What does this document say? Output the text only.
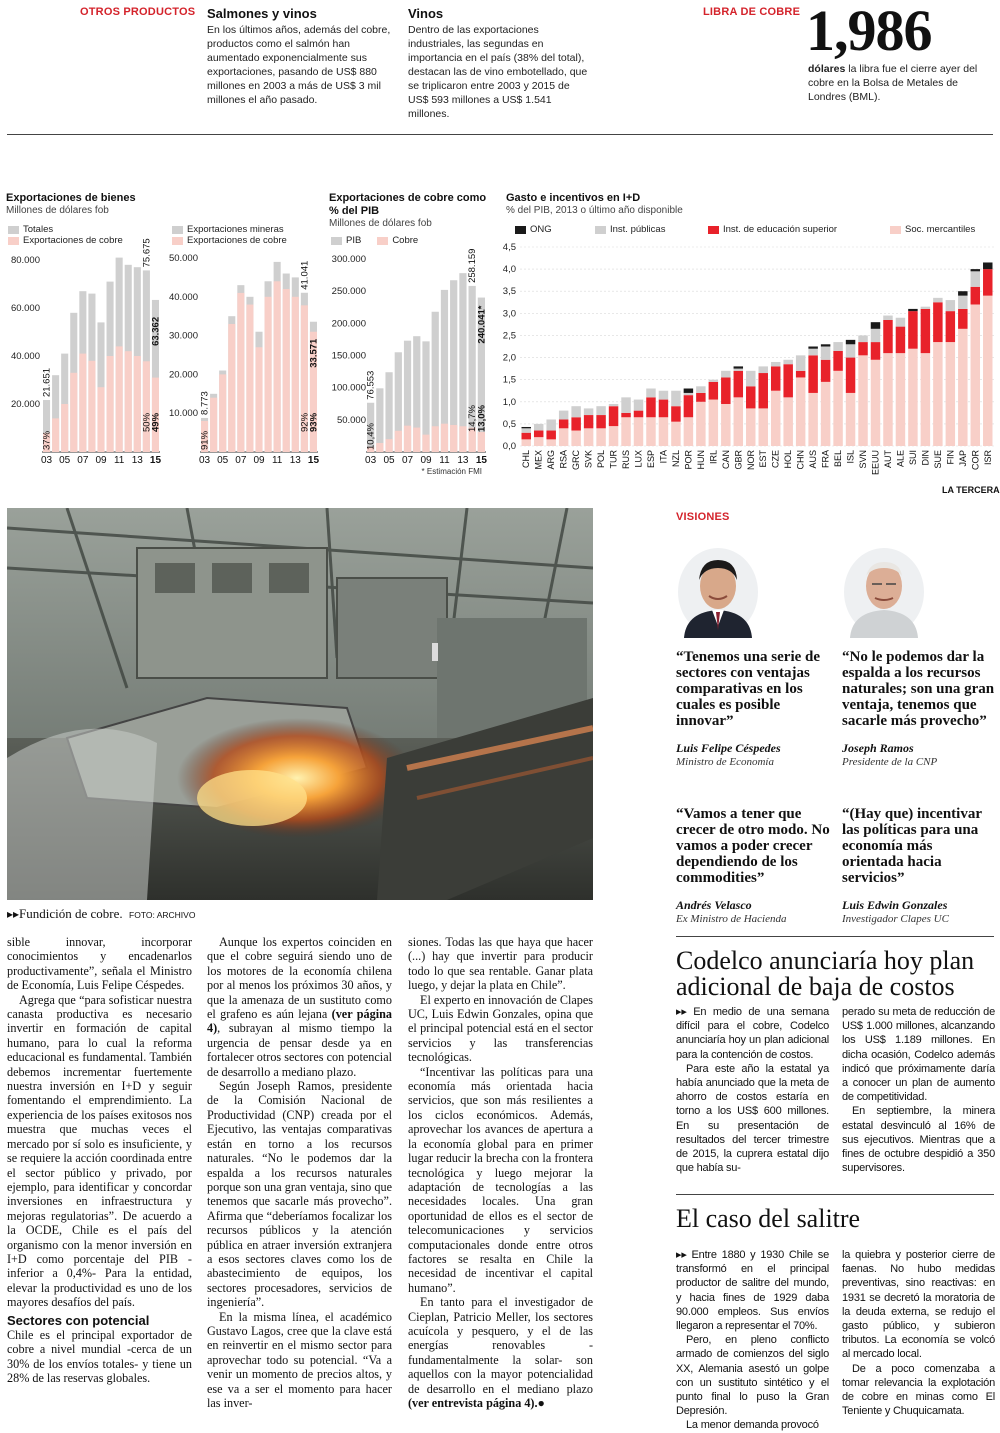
OTROS PRODUCTOS Salmones y vinos

En los últimos años, además del cobre, productos como el salmón han aumentado exponencialmente sus exportaciones, pasando de US$ 880 millones en 2003 a más de US$ 3 mil millones el año pasado.

Vinos

Dentro de las exportaciones industriales, las segundas en importancia en el país (38% del total), destacan las de vino embotellado, que se triplicaron entre 2003 y 2015 de US$ 593 millones a US$ 1.541 millones.

LIBRA DE COBRE 1,986
dólares la libra fue el cierre ayer del cobre en la Bolsa de Metales de Londres (BML).
Exportaciones de bienes
Millones de dólares fob
Totales
Exportaciones de cobre
Exportaciones mineras
Exportaciones de cobre
Exportaciones de cobre como % del PIB
Millones de dólares fob
PIB	Cobre
Gasto e incentivos en I+D
% del PIB, 2013 o último año disponible
ONG	Inst. públicas	Inst. de educación superior	Soc. mercantiles
20.000
40.000
60.000
80.000
03 05 07 09 11 13 15
21.651
37%
75.675
63.362
50%
49% 10.000
20.000
30.000
40.000
50.000
03 05 07 09 11 13 15
8.773
91%
41.041
33.571
92%
93% 50.000
100.000
150.000
200.000
250.000
300.000
03 05 07 09 11 13 15
76.553
10,4%
258.159
240.041*
14,7%
13,0%
* Estimación FMI
0,0
0,5
1,0
1,5
2,0
2,5
3,0
3,5
4,0
4,5
CHL MEX ARG RSA GRC SVK POL TUR RUS LUX ESP ITA NZL POR HUN IRL CAN GBR NOR EST CZE HOL CHN AUS FRA BEL ISL SVN EEUU AUT ALE SUI DIN SUE FIN JAP COR ISR
LA TERCERA
▸▸Fundición de cobre. FOTO: ARCHIVO

sible innovar, incorporar conocimientos y encadenarlos productivamente”, señala el Ministro de Economía, Luis Felipe Céspedes.

Agrega que “para sofisticar nuestra canasta productiva es necesario invertir en formación de capital humano, para lo cual la reforma educacional es fundamental. También debemos incrementar fuertemente nuestra inversión en I+D y seguir fomentando el emprendimiento. La experiencia de los países exitosos nos muestra que muchas veces el mercado por sí solo es insuficiente, y se requiere la acción coordinada entre el sector público y privado, por ejemplo, para identificar y concordar inversiones en infraestructura y mejoras regulatorias”. De acuerdo a la OCDE, Chile es el país del organismo con la menor inversión en I+D como porcentaje del PIB -inferior a 0,4%- Para la entidad, elevar la productividad es uno de los mayores desafíos del país.

Sectores con potencial

Chile es el principal exportador de cobre a nivel mundial -cerca de un 30% de los envíos totales- y tiene un 28% de las reservas globales.

Aunque los expertos coinciden en que el cobre seguirá siendo uno de los motores de la economía chilena por al menos los próximos 30 años, y que la amenaza de un sustituto como el grafeno es aún lejana (ver página 4), subrayan al mismo tiempo la urgencia de pensar desde ya en fortalecer otros sectores con potencial de desarrollo a mediano plazo.

Según Joseph Ramos, presidente de la Comisión Nacional de Productividad (CNP) creada por el Ejecutivo, las ventajas comparativas están en torno a los recursos naturales. “No le podemos dar la espalda a los recursos naturales porque son una gran ventaja, sino que tenemos que sacarle más provecho”. Afirma que “deberíamos focalizar los recursos públicos y la atención pública en atraer inversión extranjera a esos sectores claves como los de abastecimiento de equipos, los sectores procesadores, servicios de ingeniería”.

En la misma línea, el académico Gustavo Lagos, cree que la clave está en reinvertir en el mismo sector para aprovechar todo su potencial. “Va a venir un momento de precios altos, y ese va a ser el momento para hacer las inver-

siones. Todas las que haya que hacer (...) hay que invertir para producir todo lo que sea rentable. Ganar plata luego, y dejar la plata en Chile”.

El experto en innovación de Clapes UC, Luis Edwin Gonzales, opina que el principal potencial está en el sector servicios y las transferencias tecnológicas.

“Incentivar las políticas para una economía más orientada hacia servicios, que son más resilientes a los ciclos económicos. Además, aprovechar los avances de apertura a la economía global para en primer lugar reducir la brecha con la frontera tecnológica y luego mejorar la adaptación de tecnologías a las necesidades locales. Una gran oportunidad de ellos es el sector de telecomunicaciones y servicios computacionales donde entre otros factores se resalta en Chile la necesidad de incentivar el capital humano”.

En tanto para el investigador de Cieplan, Patricio Meller, los sectores acuícola y pesquero, y el de las energías renovables -fundamentalmente la solar- son aquellos con la mayor potencialidad de desarrollo en el mediano plazo (ver entrevista página 4).●

VISIONES
“Tenemos una serie de sectores con ventajas comparativas en los cuales es posible innovar”
Luis Felipe Céspedes
Ministro de Economía
“No le podemos dar la espalda a los recursos naturales; son una gran ventaja, tenemos que sacarle más provecho”
Joseph Ramos
Presidente de la CNP
“Vamos a tener que crecer de otro modo. No vamos a poder crecer dependiendo de los commodities”
Andrés Velasco
Ex Ministro de Hacienda
“(Hay que) incentivar las políticas para una economía más orientada hacia servicios”
Luis Edwin Gonzales
Investigador Clapes UC
Codelco anunciaría hoy plan adicional de baja de costos

▸▸ En medio de una semana difícil para el cobre, Codelco anunciaría hoy un plan adicional para la contención de costos.

Para este año la estatal ya había anunciado que la meta de ahorro de costos estaría en torno a los US$ 600 millones. En su presentación de resultados del tercer trimestre de 2015, la cuprera estatal dijo que había su-

perado su meta de reducción de US$ 1.000 millones, alcanzando los US$ 1.189 millones. En dicha ocasión, Codelco además indicó que próximamente daría a conocer un plan de aumento de competitividad.

En septiembre, la minera estatal desvinculó al 16% de sus ejecutivos. Mientras que a fines de octubre despidió a 350 supervisores.

El caso del salitre

▸▸ Entre 1880 y 1930 Chile se transformó en el principal productor de salitre del mundo, y hacia fines de 1929 daba 90.000 empleos. Sus envíos llegaron a representar el 70%.

Pero, en pleno conflicto armado de comienzos del siglo XX, Alemania asestó un golpe con un sustituto sintético y el punto final lo puso la Gran Depresión.

La menor demanda provocó

la quiebra y posterior cierre de faenas. No hubo medidas preventivas, sino reactivas: en 1931 se decretó la moratoria de la deuda externa, se redujo el gasto público, y subieron tributos. La economía se volcó al mercado local.

De a poco comenzaba a tomar relevancia la explotación de cobre en minas como El Teniente y Chuquicamata.
